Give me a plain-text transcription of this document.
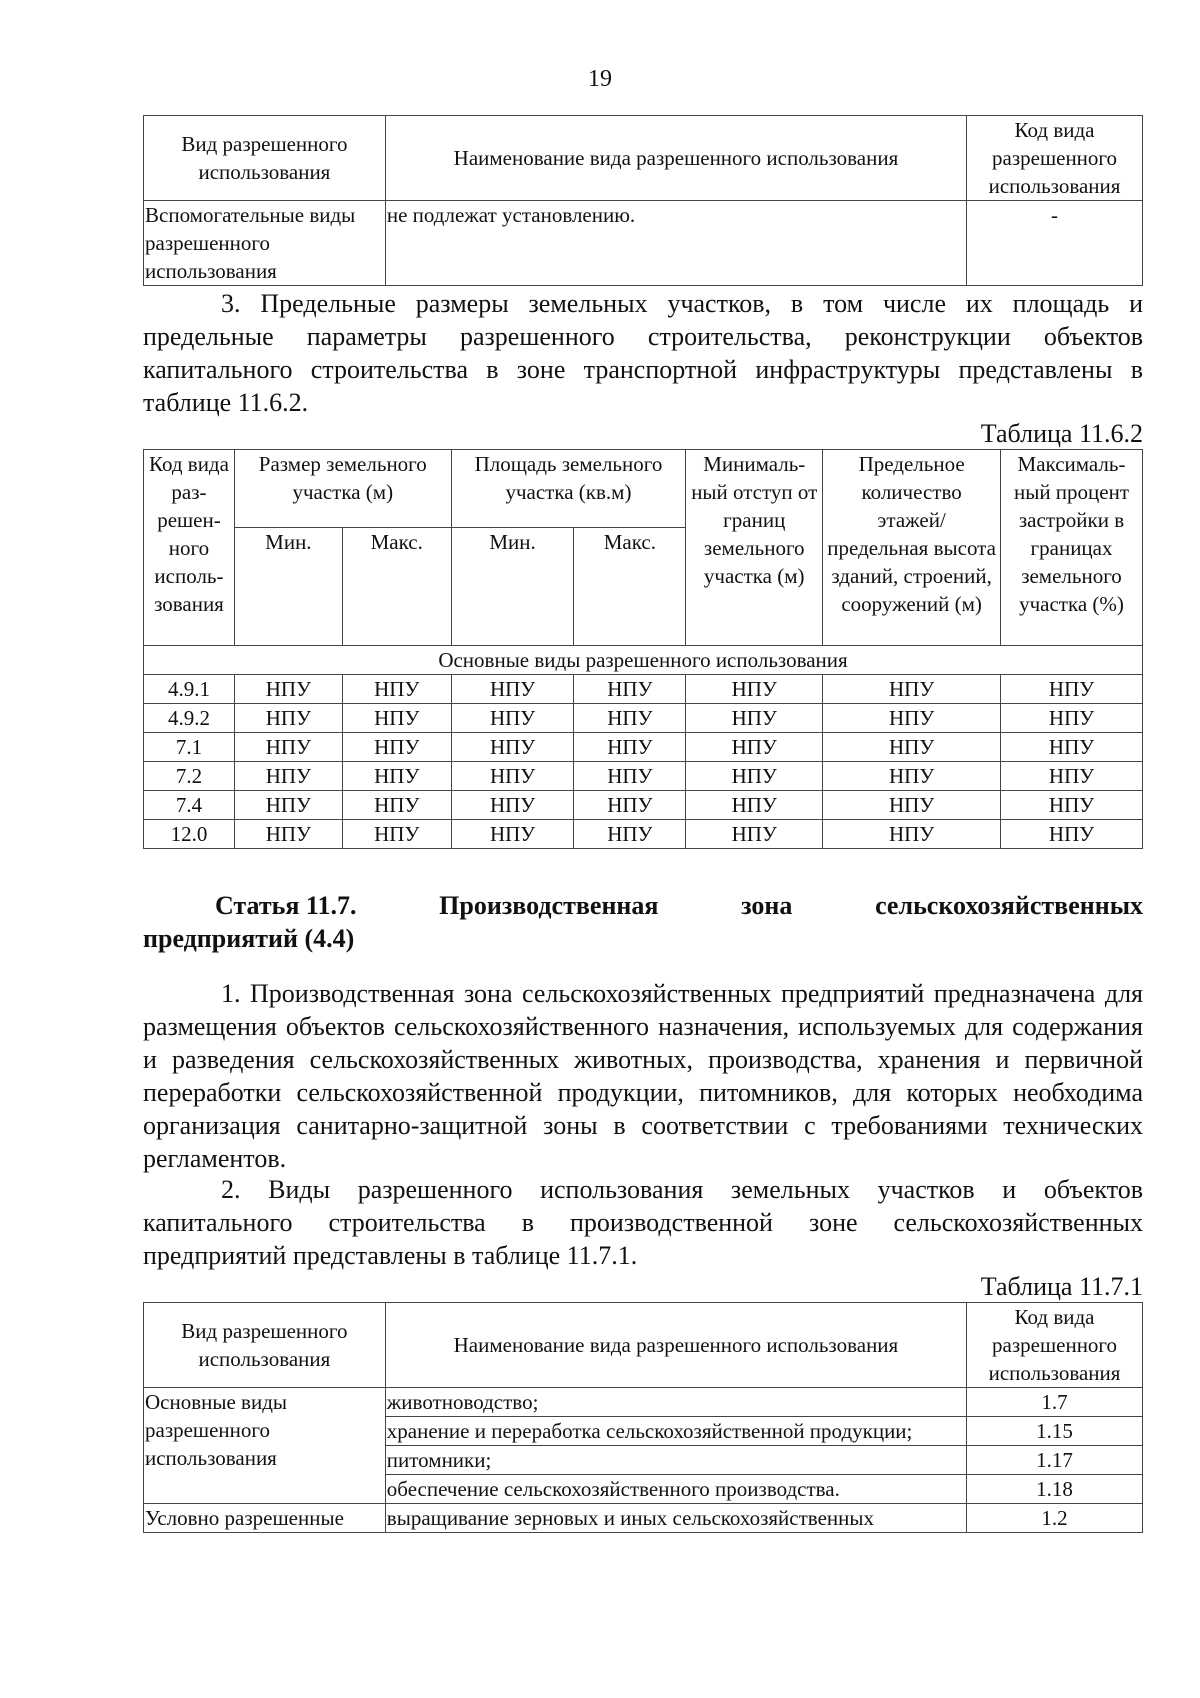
19
Вид разрешенного использования	Наименование вида разрешенного использования	Код вида разрешенного использования
Вспомогательные виды разрешенного использования	не подлежат установлению.	-

3. Предельные размеры земельных участков, в том числе их площадь и предельные параметры разрешенного строительства, реконструкции объектов капитального строительства в зоне транспортной инфраструктуры представлены в таблице 11.6.2.

Таблица 11.6.2
Код вида раз-решен-ного исполь-зования	Размер земельного участка (м)		Площадь земельного участка (кв.м)		Минималь-ный отступ от границ земельного участка (м)	Предельное количество этажей/ предельная высота зданий, строений, сооружений (м)	Максималь-ный процент застройки в границах земельного участка (%)
	Мин.	Макс.	Мин.	Макс.			
Основные виды разрешенного использования							
4.9.1	НПУ	НПУ	НПУ	НПУ	НПУ	НПУ	НПУ
4.9.2	НПУ	НПУ	НПУ	НПУ	НПУ	НПУ	НПУ
7.1	НПУ	НПУ	НПУ	НПУ	НПУ	НПУ	НПУ
7.2	НПУ	НПУ	НПУ	НПУ	НПУ	НПУ	НПУ
7.4	НПУ	НПУ	НПУ	НПУ	НПУ	НПУ	НПУ
12.0	НПУ	НПУ	НПУ	НПУ	НПУ	НПУ	НПУ
Статья 11.7.	Производственная	зона	сельскохозяйственных
предприятий (4.4)

1. Производственная зона сельскохозяйственных предприятий предназначена для размещения объектов сельскохозяйственного назначения, используемых для содержания и разведения сельскохозяйственных животных, производства, хранения и первичной переработки сельскохозяйственной продукции, питомников, для которых необходима организация санитарно-защитной зоны в соответствии с требованиями технических регламентов.

2. Виды разрешенного использования земельных участков и объектов капитального строительства в производственной зоне сельскохозяйственных предприятий представлены в таблице 11.7.1.

Таблица 11.7.1
Вид разрешенного использования	Наименование вида разрешенного использования	Код вида разрешенного использования
Основные виды разрешенного использования	животноводство;	1.7
	хранение и переработка сельскохозяйственной продукции;	1.15
	питомники;	1.17
	обеспечение сельскохозяйственного производства.	1.18
Условно разрешенные	выращивание зерновых и иных сельскохозяйственных	1.2
